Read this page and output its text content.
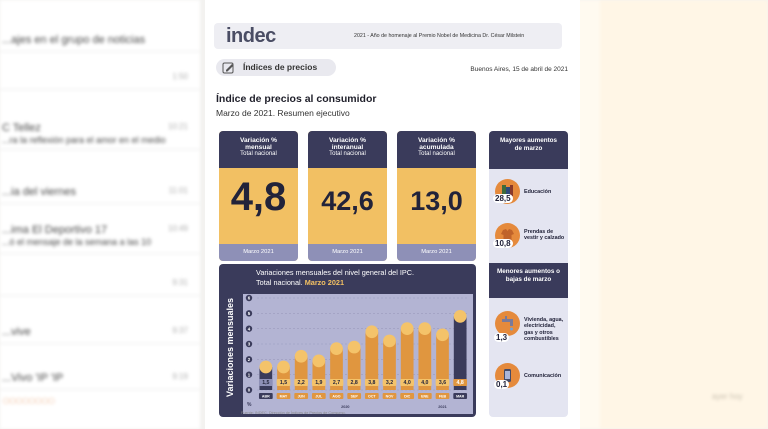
...ajes en el grupo de noticias
1:50
C Tellez	10:21

...ra la reflexión para el amor en el medio
...ia del viernes	11:01
...ima El Deportivo 17	10:49

...ó el mensaje de la semana a las 10
9:31
...vive	9:37
...Vivo 'IP 'IP	9:19
○○○○○○○○	ayer hoy
indec	2021 - Año de homenaje al Premio Nobel de Medicina Dr. César Milstein
Índices de precios	Buenos Aires, 15 de abril de 2021
Índice de precios al consumidor
Marzo de 2021. Resumen ejecutivo
Variación %
mensual
Total nacional
4,8
Marzo 2021
Variación %
interanual
Total nacional
42,6
Marzo 2021
Variación %
acumulada
Total nacional
13,0
Marzo 2021
Mayores aumentos de marzo
28,5
Educación
10,8
Prendas de vestir y calzado
Menores aumentos o bajas de marzo
1,3
Vivienda, agua, electricidad, gas y otros combustibles
0,1
Comunicación
Variaciones mensuales
Variaciones mensuales del nivel general del IPC.
Total nacional. Marzo 2021
0
1
2
3
4
5
6
%
1,5
ABR
1,5
MAY
2,2
JUN
1,9
JUL
2,7
AGO
2,8
SEP
3,8
OCT
3,2
NOV
4,0
DIC
4,0
ENE
3,6
FEB
4,8
MAR
2020	2021
Fuente: INDEC. Dirección de Índices de Precios de Consumo.
